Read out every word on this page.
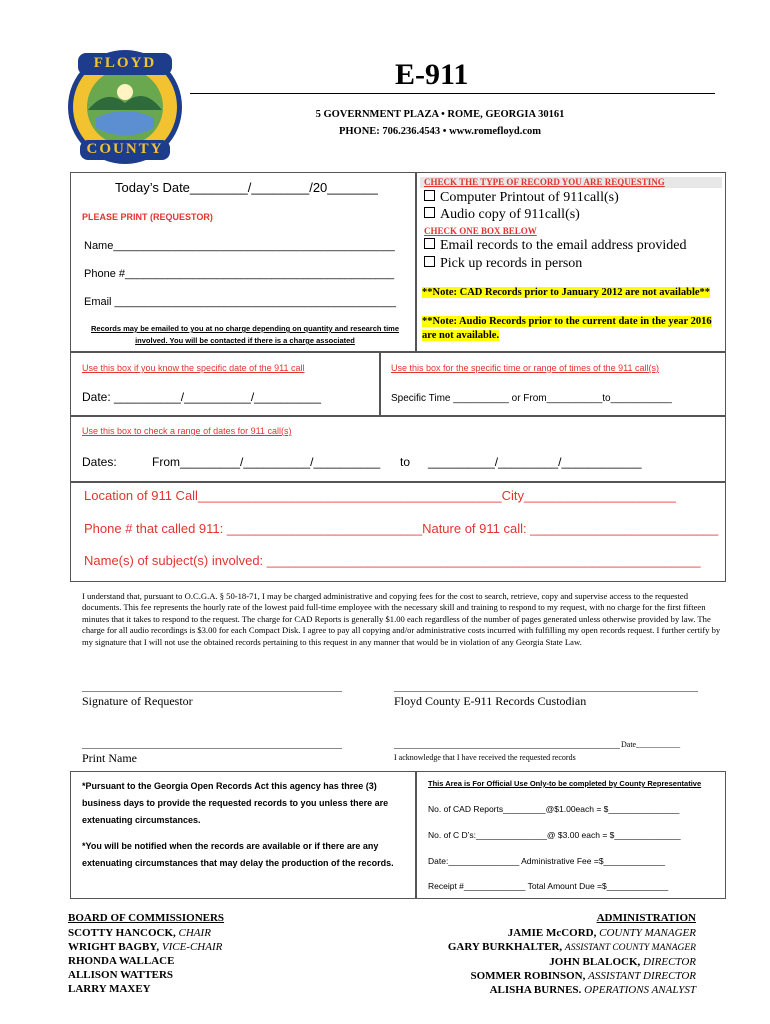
FLOYD
COUNTY
E-911
5 GOVERNMENT PLAZA • ROME, GEORGIA 30161
PHONE: 706.236.4543 • www.romefloyd.com
Today’s Date________/________/20_______
PLEASE PRINT (REQUESTOR)
Name______________________________________________
Phone #____________________________________________
Email ______________________________________________
Records may be emailed to you at no charge depending on quantity and research time involved. You will be contacted if there is a charge associated
CHECK THE TYPE OF RECORD YOU ARE REQUESTING
Computer Printout of 911call(s)
Audio copy of 911call(s)
CHECK ONE BOX BELOW
Email records to the email address provided
Pick up records in person
**Note: CAD Records prior to January 2012 are not available**
**Note: Audio Records prior to the current date in the year 2016 are not available.
Use this box if you know the specific date of the 911 call
Date: __________/__________/__________
Use this box for the specific time or range of times of the 911 call(s)
Specific Time __________ or From__________to___________
Use this box to check a range of dates for 911 call(s)
Dates:	From_________/__________/__________ to __________/_________/____________
Location of 911 Call__________________________________________City_____________________
Phone # that called 911: ___________________________Nature of 911 call: __________________________
Name(s) of subject(s) involved: ____________________________________________________________
I understand that, pursuant to O.C.G.A. § 50-18-71, I may be charged administrative and copying fees for the cost to search, retrieve, copy and supervise access to the requested documents. This fee represents the hourly rate of the lowest paid full-time employee with the necessary skill and training to respond to my request, with no charge for the first fifteen minutes that it takes to respond to the request. The charge for CAD Reports is generally $1.00 each regardless of the number of pages generated unless otherwise provided by law. The charge for all audio recordings is $3.00 for each Compact Disk. I agree to pay all copying and/or administrative costs incurred with fulfilling my open records request. I further certify by my signature that I will not use the obtained records pertaining to this request in any manner that would be in violation of any Georgia State Law.
Signature of Requestor	Floyd County E-911 Records Custodian
Print Name
Date___________
I acknowledge that I have received the requested records
*Pursuant to the Georgia Open Records Act this agency has three (3) business days to provide the requested records to you unless there are extenuating circumstances.
*You will be notified when the records are available or if there are any extenuating circumstances that may delay the production of the records.
This Area is For Official Use Only-to be completed by County Representative
No. of CAD Reports_________@$1.00each = $_______________
No. of C D’s:_______________@ $3.00 each = $______________
Date:_______________ Administrative Fee =$_____________
Receipt #_____________ Total Amount Due =$_____________
BOARD OF COMMISSIONERS
SCOTTY HANCOCK, CHAIR
WRIGHT BAGBY, VICE-CHAIR
RHONDA WALLACE
ALLISON WATTERS
LARRY MAXEY
ADMINISTRATION
JAMIE McCORD, COUNTY MANAGER
GARY BURKHALTER, ASSISTANT COUNTY MANAGER
JOHN BLALOCK, DIRECTOR
SOMMER ROBINSON, ASSISTANT DIRECTOR
ALISHA BURNES. OPERATIONS ANALYST
